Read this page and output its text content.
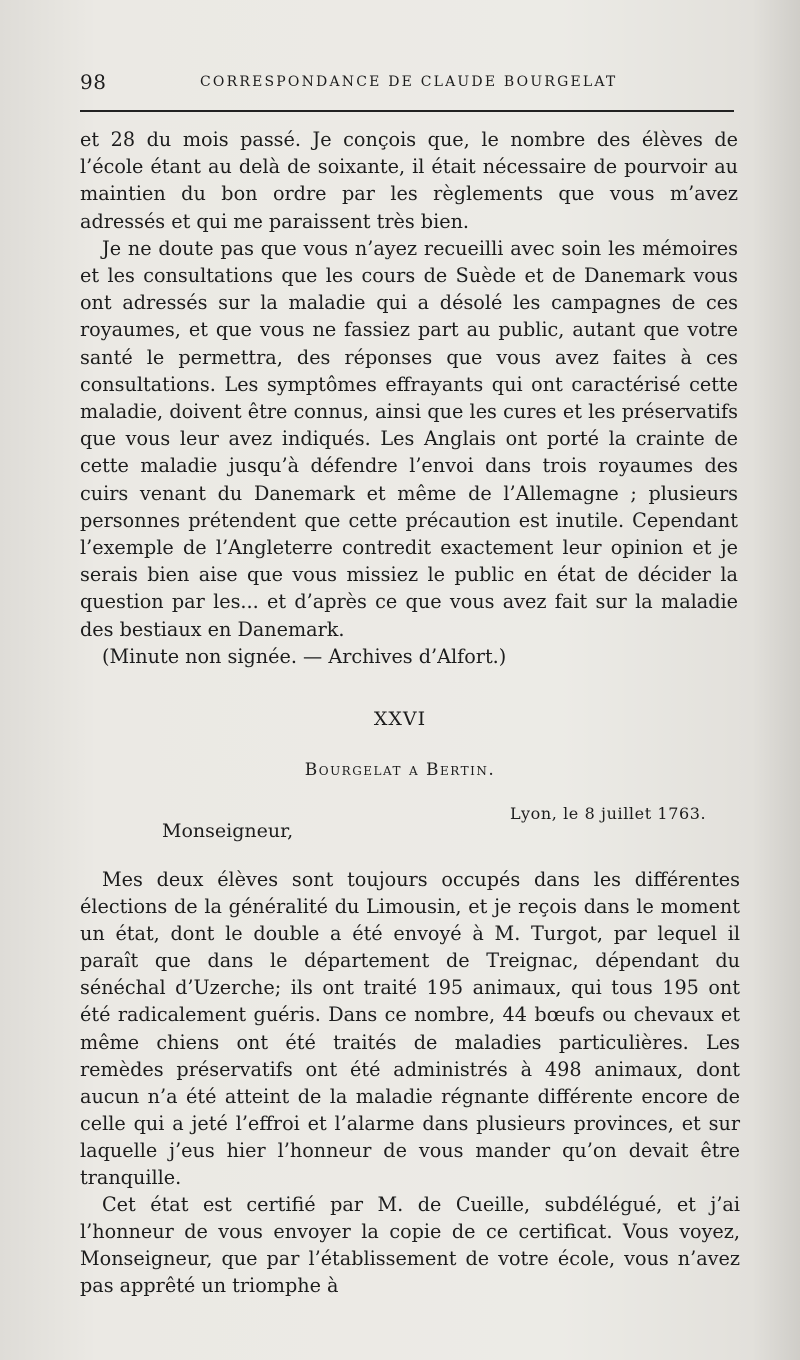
98	CORRESPONDANCE DE CLAUDE BOURGELAT

et 28 du mois passé. Je conçois que, le nombre des élèves de l’école étant au delà de soixante, il était nécessaire de pourvoir au maintien du bon ordre par les règlements que vous m’avez adressés et qui me paraissent très bien.

Je ne doute pas que vous n’ayez recueilli avec soin les mémoires et les consultations que les cours de Suède et de Danemark vous ont adressés sur la maladie qui a désolé les campagnes de ces royaumes, et que vous ne fassiez part au public, autant que votre santé le permettra, des réponses que vous avez faites à ces consultations. Les symptômes effrayants qui ont caractérisé cette maladie, doivent être connus, ainsi que les cures et les préservatifs que vous leur avez indiqués. Les Anglais ont porté la crainte de cette maladie jusqu’à défendre l’envoi dans trois royaumes des cuirs venant du Danemark et même de l’Allemagne ; plusieurs personnes prétendent que cette précaution est inutile. Cependant l’exemple de l’Angleterre contredit exactement leur opinion et je serais bien aise que vous missiez le public en état de décider la question par les... et d’après ce que vous avez fait sur la maladie des bestiaux en Danemark.

(Minute non signée. — Archives d’Alfort.)

XXVI
Bourgelat a Bertin.
Lyon, le 8 juillet 1763.
Monseigneur,

Mes deux élèves sont toujours occupés dans les différentes élections de la généralité du Limousin, et je reçois dans le moment un état, dont le double a été envoyé à M. Turgot, par lequel il paraît que dans le département de Treignac, dépendant du sénéchal d’Uzerche; ils ont traité 195 animaux, qui tous 195 ont été radicalement guéris. Dans ce nombre, 44 bœufs ou chevaux et même chiens ont été traités de maladies particulières. Les remèdes préservatifs ont été administrés à 498 animaux, dont aucun n’a été atteint de la maladie régnante différente encore de celle qui a jeté l’effroi et l’alarme dans plusieurs provinces, et sur laquelle j’eus hier l’honneur de vous mander qu’on devait être tranquille.

Cet état est certifié par M. de Cueille, subdélégué, et j’ai l’honneur de vous envoyer la copie de ce certificat. Vous voyez, Monseigneur, que par l’établissement de votre école, vous n’avez pas apprêté un triomphe à
